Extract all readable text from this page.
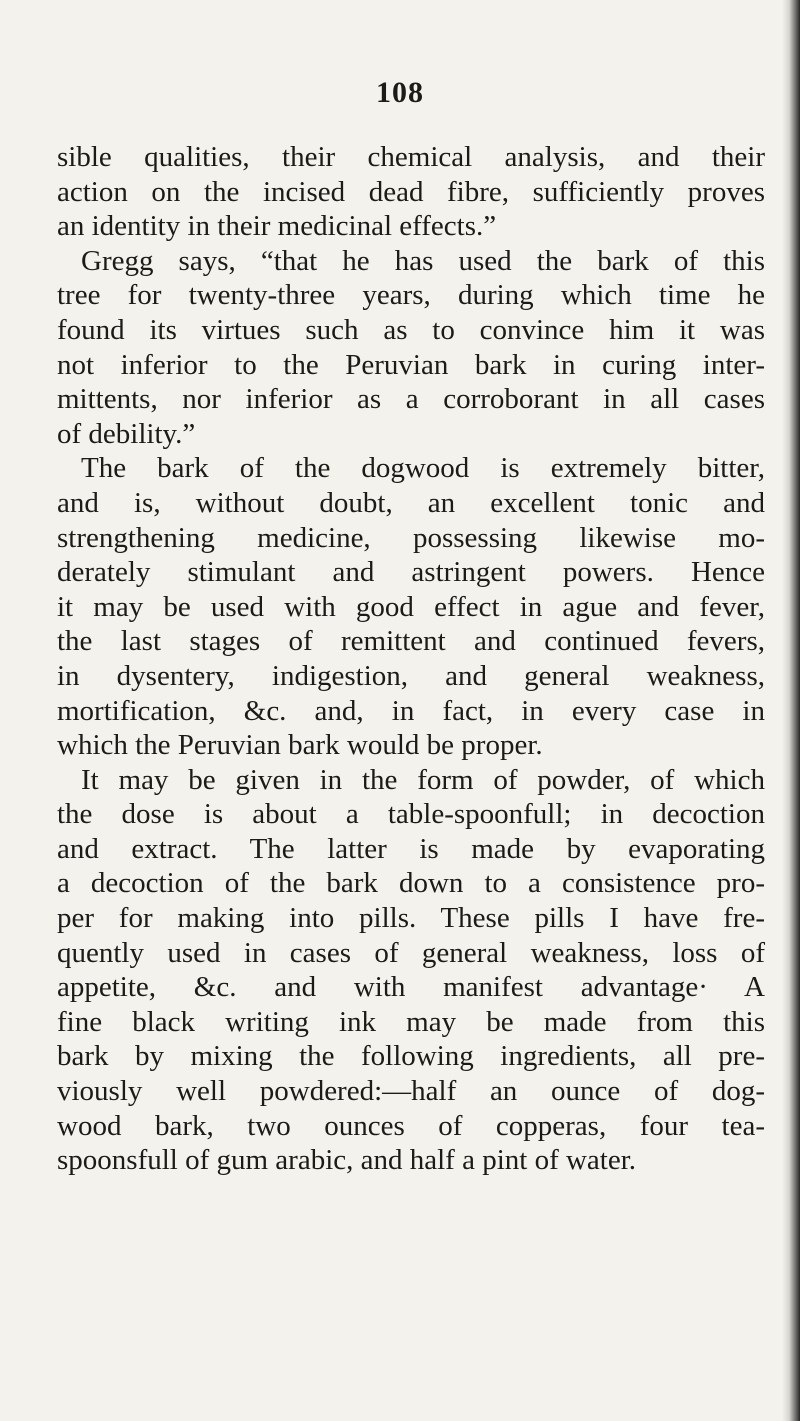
108
sible qualities, their chemical analysis, and their
action on the incised dead fibre, sufficiently proves
an identity in their medicinal effects.”
Gregg says, “that he has used the bark of this
tree for twenty-three years, during which time he
found its virtues such as to convince him it was
not inferior to the Peruvian bark in curing inter-
mittents, nor inferior as a corroborant in all cases
of debility.”
The bark of the dogwood is extremely bitter,
and is, without doubt, an excellent tonic and
strengthening medicine, possessing likewise mo-
derately stimulant and astringent powers. Hence
it may be used with good effect in ague and fever,
the last stages of remittent and continued fevers,
in dysentery, indigestion, and general weakness,
mortification, &c. and, in fact, in every case in
which the Peruvian bark would be proper.
It may be given in the form of powder, of which
the dose is about a table-spoonfull; in decoction
and extract. The latter is made by evaporating
a decoction of the bark down to a consistence pro-
per for making into pills. These pills I have fre-
quently used in cases of general weakness, loss of
appetite, &c. and with manifest advantage· A
fine black writing ink may be made from this
bark by mixing the following ingredients, all pre-
viously well powdered:—half an ounce of dog-
wood bark, two ounces of copperas, four tea-
spoonsfull of gum arabic, and half a pint of water.
